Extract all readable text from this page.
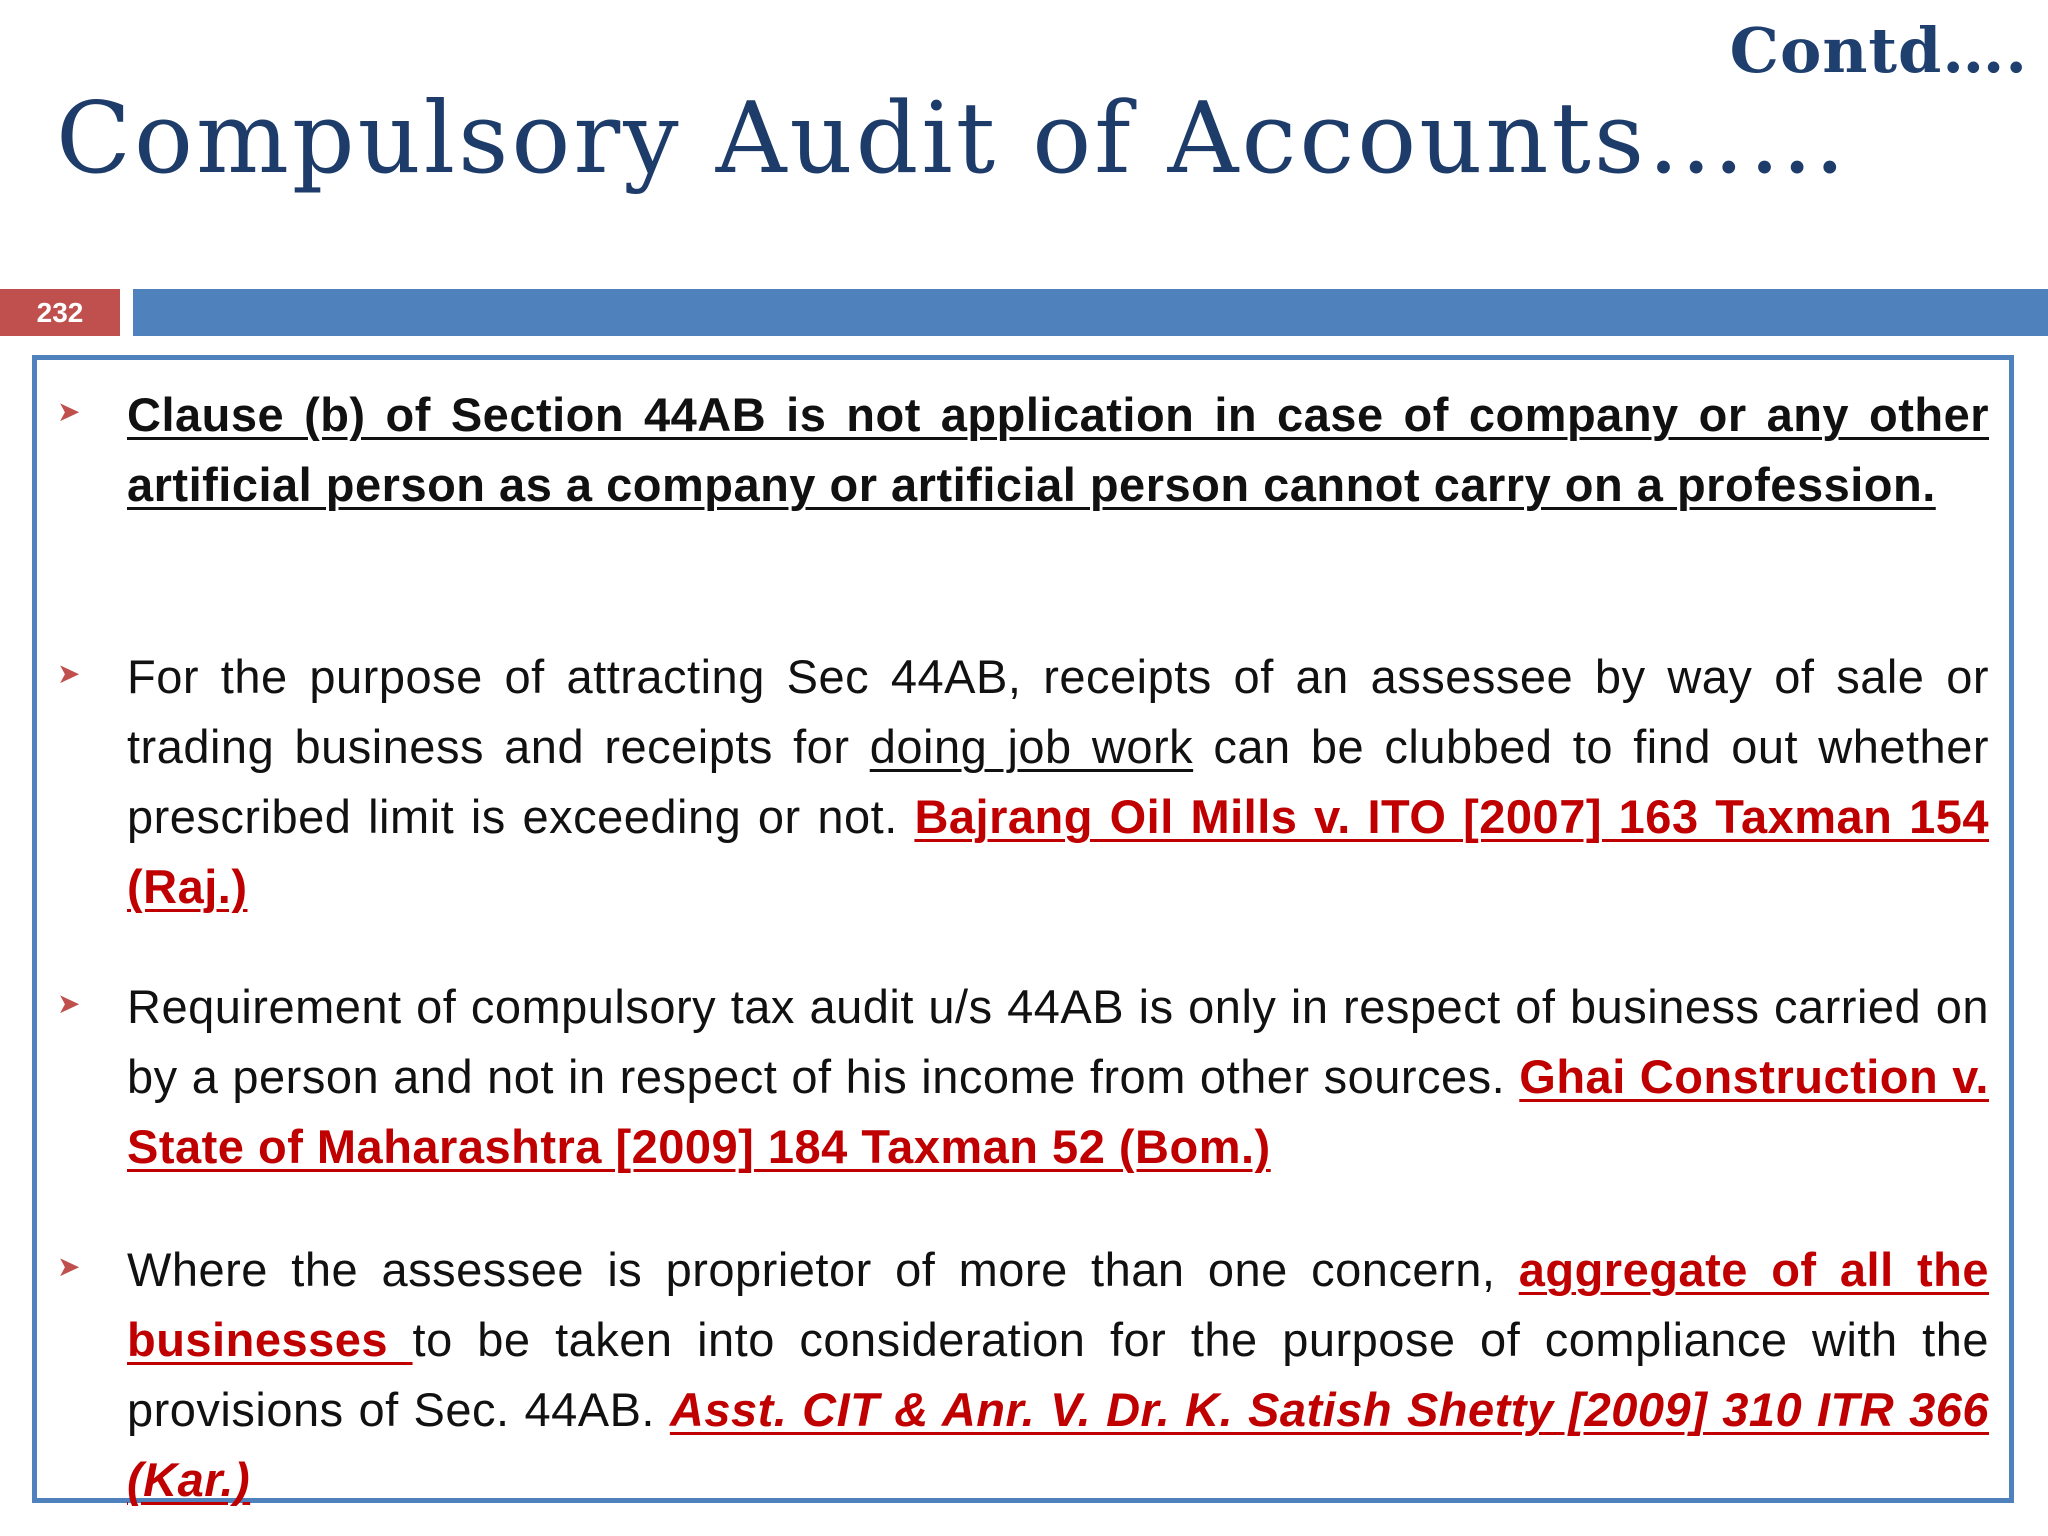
Contd….
Compulsory Audit of Accounts……
232
➤ Clause (b) of Section 44AB is not application in case of company or any other artificial person as a company or artificial person cannot carry on a profession.
➤ For the purpose of attracting Sec 44AB, receipts of an assessee by way of sale or trading business and receipts for doing job work can be clubbed to find out whether prescribed limit is exceeding or not. Bajrang Oil Mills v. ITO [2007] 163 Taxman 154 (Raj.)
➤ Requirement of compulsory tax audit u/s 44AB is only in respect of business carried on by a person and not in respect of his income from other sources. Ghai Construction v. State of Maharashtra [2009] 184 Taxman 52 (Bom.)
➤ Where the assessee is proprietor of more than one concern, aggregate of all the businesses to be taken into consideration for the purpose of compliance with the provisions of Sec. 44AB. Asst. CIT & Anr. V. Dr. K. Satish Shetty [2009] 310 ITR 366 (Kar.)
